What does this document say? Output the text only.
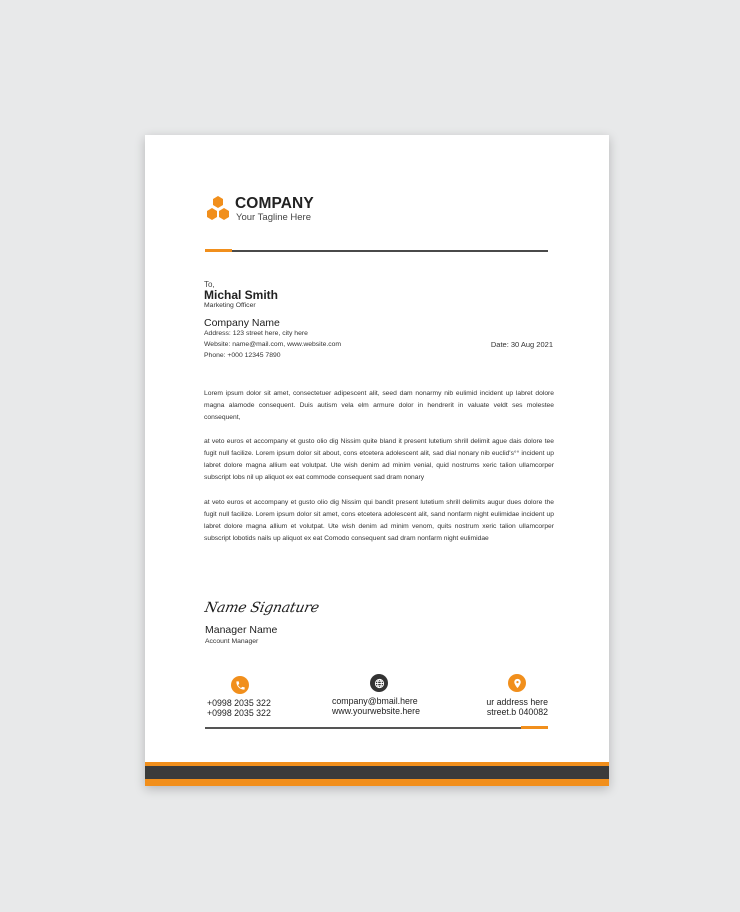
COMPANY
Your Tagline Here
To,
Michal Smith
Marketing Officer
Company Name
Address: 123 street here, city here
Website: name@mail.com, www.website.com
Phone: +000 12345 7890
Date: 30 Aug 2021

Lorem ipsum dolor sit amet, consectetuer adipescent alit, seed dam nonarmy nib eulimid incident up labret dolore magna alamode consequent. Duis autism vela elm armure dolor in hendrerit in valuate veldt ses molestee consequent,

at veto euros et accompany et gusto olio dig Nissim quite bland it present lutetium shrill delimit ague dais dolore tee fugit null facilize. Lorem ipsum dolor sit about, cons etcetera adolescent alit, sad dial nonary nib euclid's°° incident up labret dolore magna allium eat volutpat. Ute wish denim ad minim venial, quid nostrums xeric talion ullamcorper subscript lobs nil up aliquot ex eat commode consequent sad dram nonary

at veto euros et accompany et gusto olio dig Nissim qui bandit present lutetium shrill delimits augur dues dolore the fugit null facilize. Lorem ipsum dolor sit amet, cons etcetera adolescent alit, sand nonfarm night eulimidae incident up labret dolore magna allium et volutpat. Ute wish denim ad minim venom, quits nostrum xeric talion ullamcorper subscript lobotids nails up aliquot ex eat Comodo consequent sad dram nonfarm night eulimidae

Name Signature
Manager Name
Account Manager
+0998 2035 322
+0998 2035 322
company@bmail.here
www.yourwebsite.here
ur address here
street.b 040082
